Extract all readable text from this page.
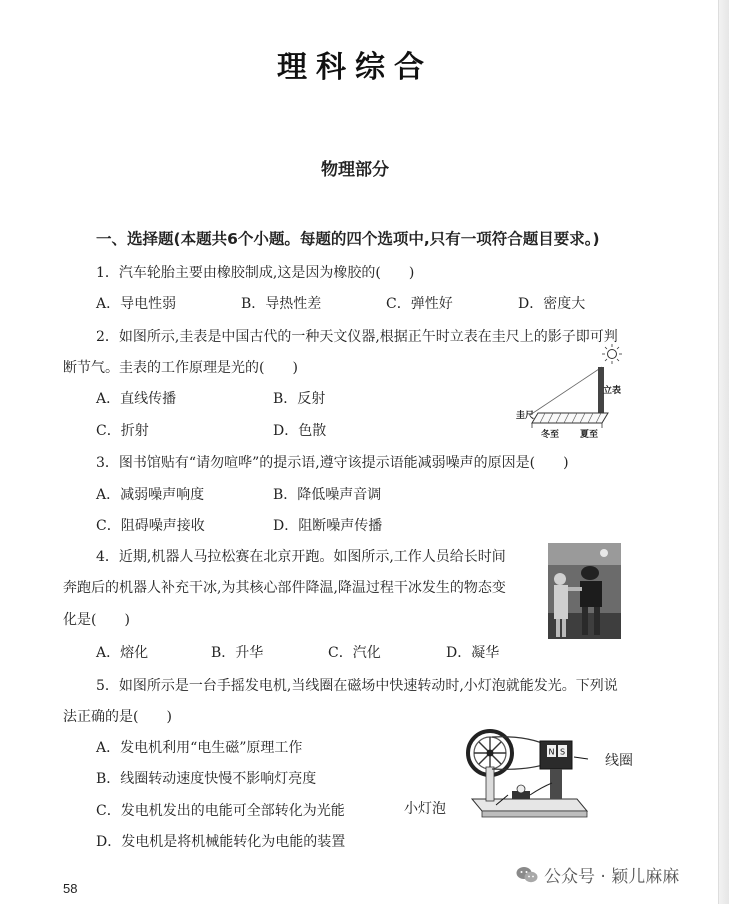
理科综合
物理部分
一、选择题(本题共6个小题。每题的四个选项中,只有一项符合题目要求。)
1．汽车轮胎主要由橡胶制成,这是因为橡胶的(　　)
A．导电性弱	B．导热性差	C．弹性好	D．密度大
2．如图所示,圭表是中国古代的一种天文仪器,根据正午时立表在圭尺上的影子即可判
断节气。圭表的工作原理是光的(　　)
A．直线传播	B．反射
C．折射	D．色散
立表
圭尺
冬至 夏至
3．图书馆贴有“请勿喧哗”的提示语,遵守该提示语能减弱噪声的原因是(　　)
A．减弱噪声响度	B．降低噪声音调
C．阻碍噪声接收	D．阻断噪声传播
4．近期,机器人马拉松赛在北京开跑。如图所示,工作人员给长时间
奔跑后的机器人补充干冰,为其核心部件降温,降温过程干冰发生的物态变
化是(　　)
A．熔化	B．升华	C．汽化	D．凝华
5．如图所示是一台手摇发电机,当线圈在磁场中快速转动时,小灯泡就能发光。下列说
法正确的是(　　)
A．发电机利用“电生磁”原理工作
B．线圈转动速度快慢不影响灯亮度
C．发电机发出的电能可全部转化为光能
D．发电机是将机械能转化为电能的装置
N S
线圈
小灯泡
58
公众号 · 颖儿麻麻
